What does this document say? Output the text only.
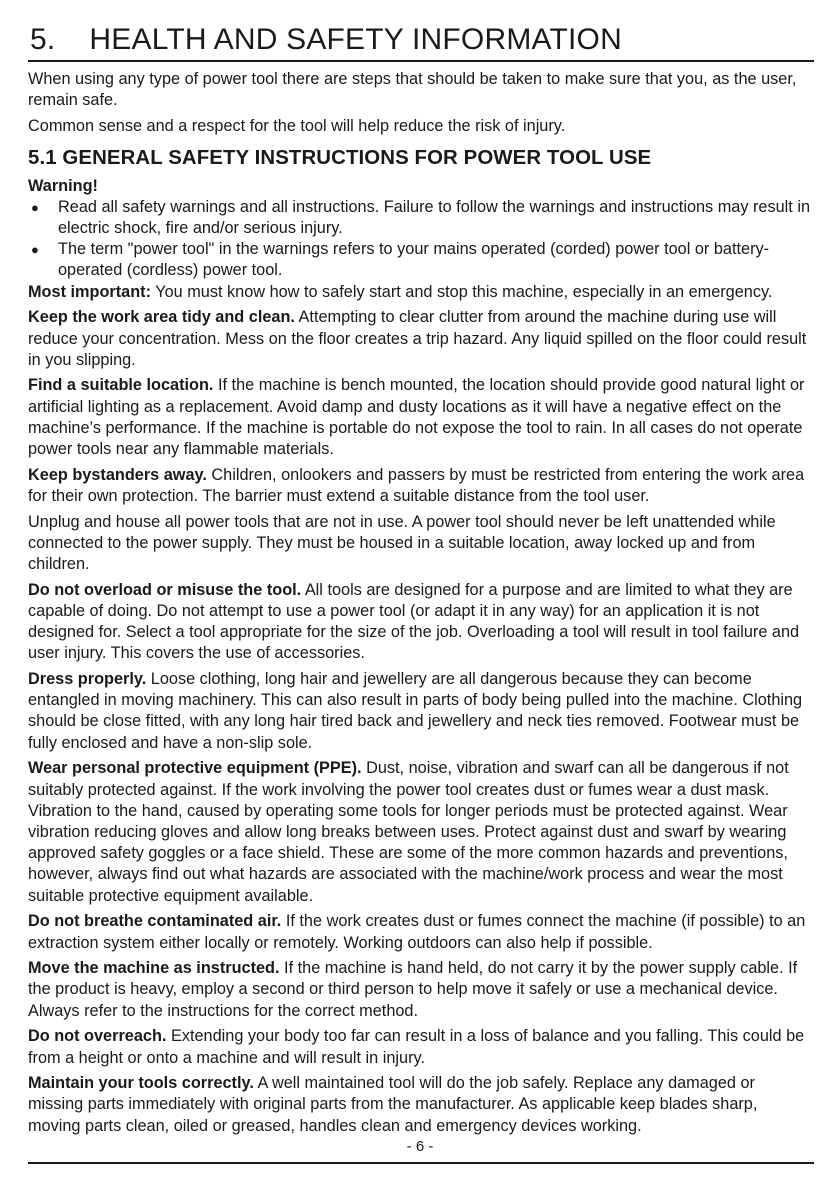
5. HEALTH AND SAFETY INFORMATION

When using any type of power tool there are steps that should be taken to make sure that you, as the user, remain safe.

Common sense and a respect for the tool will help reduce the risk of injury.

5.1 GENERAL SAFETY INSTRUCTIONS FOR POWER TOOL USE

Warning!

● Read all safety warnings and all instructions. Failure to follow the warnings and instructions may result in electric shock, fire and/or serious injury.
● The term "power tool" in the warnings refers to your mains operated (corded) power tool or battery-operated (cordless) power tool.

Most important: You must know how to safely start and stop this machine, especially in an emergency.

Keep the work area tidy and clean. Attempting to clear clutter from around the machine during use will reduce your concentration. Mess on the floor creates a trip hazard. Any liquid spilled on the floor could result in you slipping.

Find a suitable location. If the machine is bench mounted, the location should provide good natural light or artificial lighting as a replacement. Avoid damp and dusty locations as it will have a negative effect on the machine’s performance. If the machine is portable do not expose the tool to rain. In all cases do not operate power tools near any flammable materials.

Keep bystanders away. Children, onlookers and passers by must be restricted from entering the work area for their own protection. The barrier must extend a suitable distance from the tool user.

Unplug and house all power tools that are not in use. A power tool should never be left unattended while connected to the power supply. They must be housed in a suitable location, away locked up and from children.

Do not overload or misuse the tool. All tools are designed for a purpose and are limited to what they are capable of doing. Do not attempt to use a power tool (or adapt it in any way) for an application it is not designed for. Select a tool appropriate for the size of the job. Overloading a tool will result in tool failure and user injury. This covers the use of accessories.

Dress properly. Loose clothing, long hair and jewellery are all dangerous because they can become entangled in moving machinery. This can also result in parts of body being pulled into the machine. Clothing should be close fitted, with any long hair tired back and jewellery and neck ties removed. Footwear must be fully enclosed and have a non-slip sole.

Wear personal protective equipment (PPE). Dust, noise, vibration and swarf can all be dangerous if not suitably protected against. If the work involving the power tool creates dust or fumes wear a dust mask. Vibration to the hand, caused by operating some tools for longer periods must be protected against. Wear vibration reducing gloves and allow long breaks between uses. Protect against dust and swarf by wearing approved safety goggles or a face shield. These are some of the more common hazards and preventions, however, always find out what hazards are associated with the machine/work process and wear the most suitable protective equipment available.

Do not breathe contaminated air. If the work creates dust or fumes connect the machine (if possible) to an extraction system either locally or remotely. Working outdoors can also help if possible.

Move the machine as instructed. If the machine is hand held, do not carry it by the power supply cable. If the product is heavy, employ a second or third person to help move it safely or use a mechanical device. Always refer to the instructions for the correct method.

Do not overreach. Extending your body too far can result in a loss of balance and you falling. This could be from a height or onto a machine and will result in injury.

Maintain your tools correctly. A well maintained tool will do the job safely. Replace any damaged or missing parts immediately with original parts from the manufacturer. As applicable keep blades sharp, moving parts clean, oiled or greased, handles clean and emergency devices working.

- 6 -
